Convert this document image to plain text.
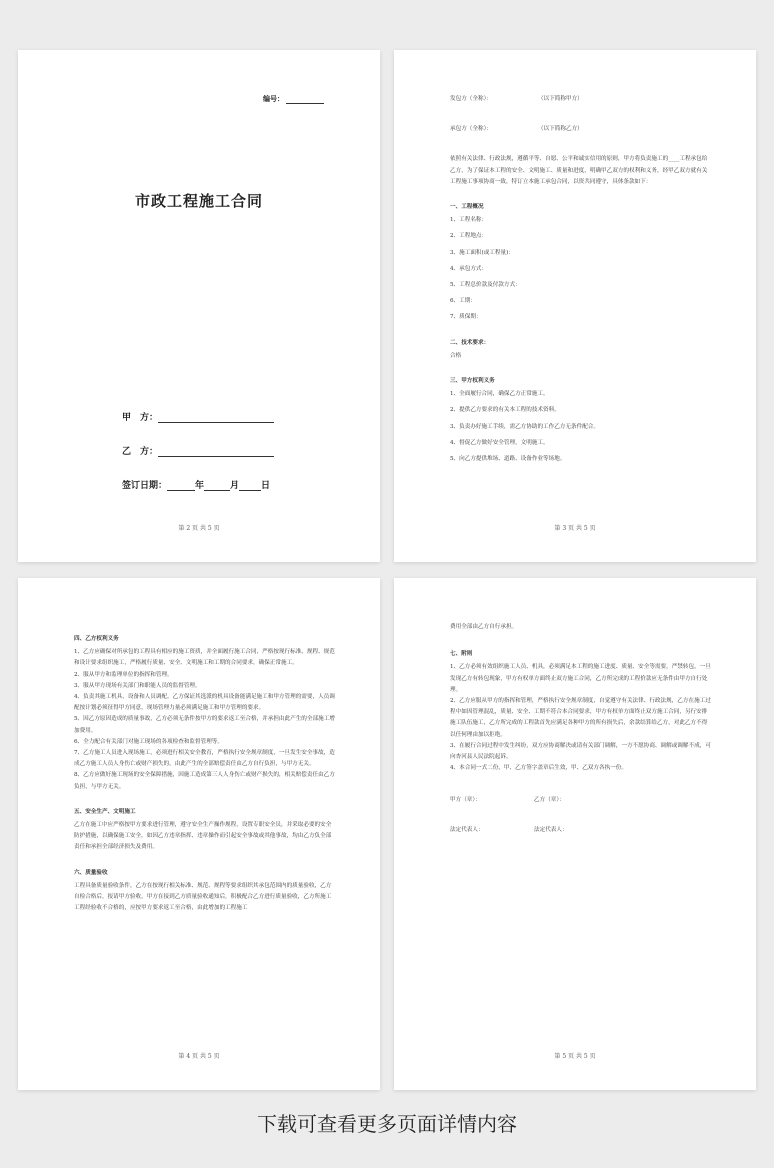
编号：
市政工程施工合同
甲　方：
乙　方：
签订日期：	年	月 日
第 2 页 共 5 页

发包方（全称）：	（以下简称甲方）

承包方（全称）：	（以下简称乙方）

依照有关法律、行政法规，遵循平等、自愿、公平和诚实信用的原则，甲方将负责施工的____工程承包给乙方，为了保证本工程的安全、文明施工、质量和进度，明确甲乙双方的权利和义务，经甲乙双方就有关工程施工事项协商一致，特订立本施工承包合同，以资共同遵守，具体条款如下：

一、工程概况

1、工程名称：

2、工程地点：

3、施工面积(或工程量)：

4、承包方式：

5、工程总价款及付款方式：

6、工期：

7、质保期：

二、技术要求：

合格

三、甲方权利义务

1、全面履行合同，确保乙方正常施工。

2、提供乙方要求的有关本工程的技术资料。

3、负责办好施工手续，需乙方协助的工作乙方无条件配合。

4、督促乙方做好安全管理，文明施工。

5、向乙方提供堆场、道路、设备作业等场地。

第 3 页 共 5 页

四、乙方权利义务

1、乙方应确保对所承包的工程具有相应的施工资质，并全面履行施工合同，严格按现行标准、规程、规范和设计要求组织施工，严格履行质量、安全、文明施工和工期的合同要求，确保正常施工。

2、服从甲方和监理单位的指挥和管理。

3、服从甲方现场有关部门和职能人员的监督管理。

4、负责其施工机具、设备和人员调配。乙方保证其选派的机具设备能满足施工和甲方管理的需要，人员调配按计划必须征得甲方同意，现场管理力量必须满足施工和甲方管理的要求。

5、因乙方原因造成的质量事故，乙方必须无条件按甲方的要求返工至合格，并承担由此产生的全部施工增加费用。

6、全力配合有关部门对施工现场的各项检查和监督管理等。

7、乙方施工人员进入现场施工，必须进行相关安全教育，严格执行安全规章制度，一旦发生安全事故，造成乙方施工人员人身伤亡或财产损失的，由此产生的全部赔偿责任由乙方自行负担，与甲方无关。

8、乙方应做好施工现场的安全保障措施，因施工造成第三人人身伤亡或财产损失的，相关赔偿责任由乙方负担，与甲方无关。

五、安全生产、文明施工

乙方在施工中应严格按甲方要求进行管理，遵守安全生产操作规程，设置专职安全员，并采取必要的安全防护措施，以确保施工安全。如因乙方违章指挥、违章操作而引起安全事故或其他事故，均由乙方负全部责任和承担全部经济损失及费用。

六、质量验收

工程具备质量验收条件，乙方在按现行相关标准、规范、规程等要求组织其承包范围内的质量验收，乙方自检合格后，报请甲方验收，甲方在接到乙方质量验收通知后，积极配合乙方进行质量验收，乙方所施工工程经验收不合格的，应按甲方要求返工至合格，由此增加的工程施工

第 4 页 共 5 页

费用全部由乙方自行承担。

七、附则

1、乙方必须有效组织施工人员、机具，必须满足本工程的施工进度、质量、安全等需要，严禁转包，一旦发现乙方有转包现象，甲方有权单方面终止双方施工合同，乙方所完成的工程价款应无条件由甲方自行处理。

2、乙方应服从甲方的指挥和管理，严格执行安全规章制度，自觉遵守有关法律、行政法规，乙方在施工过程中如因管理混乱，质量、安全、工期不符合本合同要求，甲方有权单方面终止双方施工合同，另行安排施工队伍施工，乙方所完成的工程款首先应满足各种甲方的所有损失后，余款结算给乙方，对此乙方不得以任何理由加以拒绝。

3、在履行合同过程中发生纠纷，双方应协商解决或请有关部门调解，一方不愿协商、调解或调解不成，可向杏河县人民法院起诉。

4、本合同一式二份，甲、乙方签字盖章后生效，甲、乙双方各执一份。

甲方（章）：	乙方（章）：

法定代表人：	法定代表人：

第 5 页 共 5 页
下载可查看更多页面详情内容
